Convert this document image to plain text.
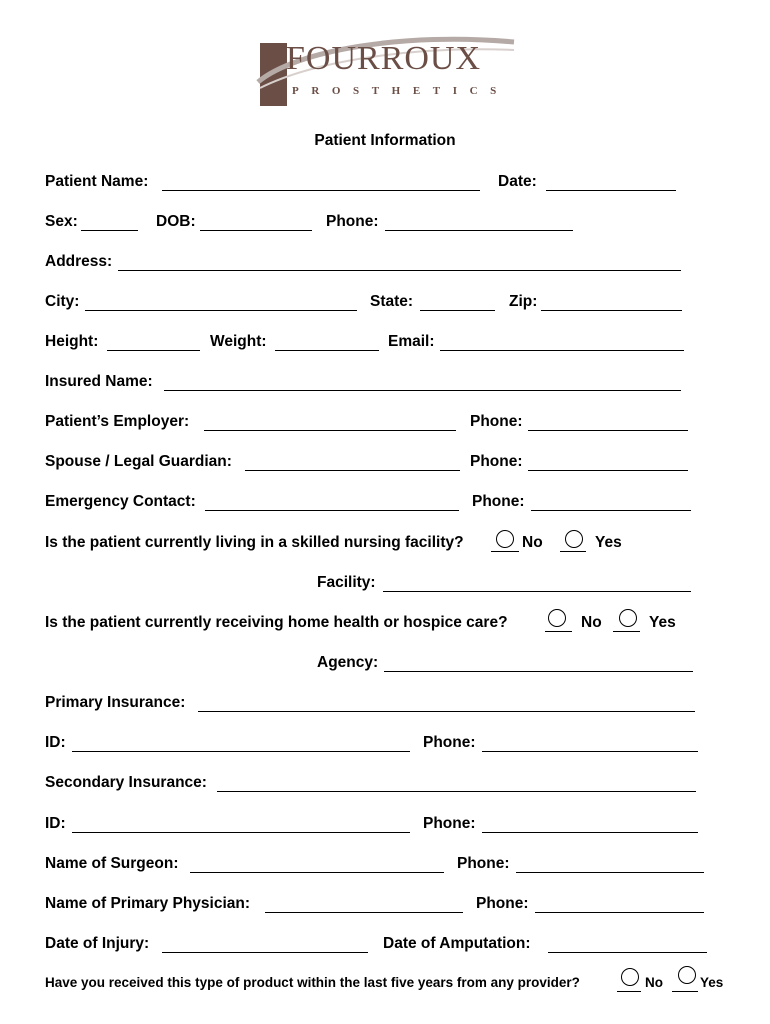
FOURROUX
PROSTHETICS
Patient Information
Patient Name:	Date:
Sex:	DOB:	Phone:
Address:
City:	State:	Zip:
Height:	Weight:	Email:
Insured Name:
Patient’s Employer:	Phone:
Spouse / Legal Guardian:	Phone:
Emergency Contact:	Phone:
Is the patient currently living in a skilled nursing facility?	No	Yes
Facility:
Is the patient currently receiving home health or hospice care?	No	Yes
Agency:
Primary Insurance:
ID:	Phone:
Secondary Insurance:
ID:	Phone:
Name of Surgeon:	Phone:
Name of Primary Physician:	Phone:
Date of Injury:	Date of Amputation:
Have you received this type of product within the last five years from any provider?	No	Yes
